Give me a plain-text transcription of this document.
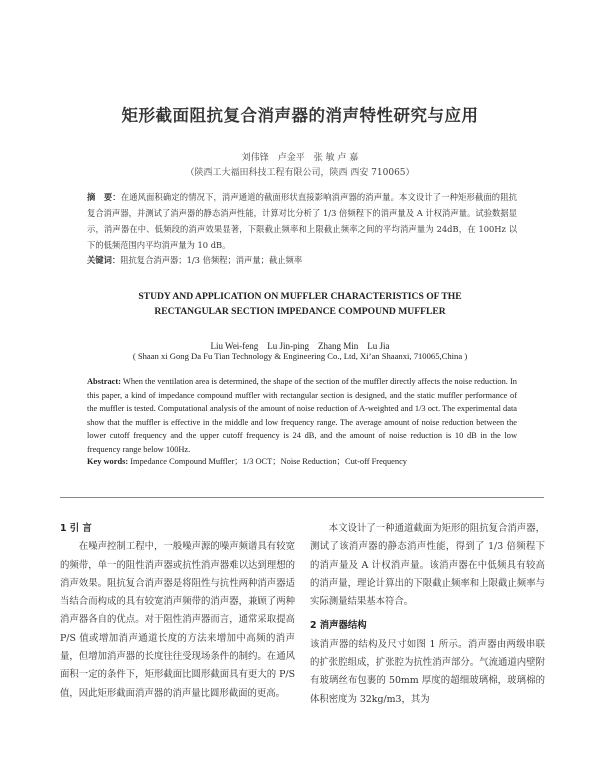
矩形截面阻抗复合消声器的消声特性研究与应用
刘伟锋　卢金平　张 敏 卢 嘉
（陕西工大福田科技工程有限公司，陕西 西安 710065）
摘　要：在通风面积确定的情况下，消声通道的截面形状直接影响消声器的消声量。本文设计了一种矩形截面的阻抗复合消声器，并测试了消声器的静态消声性能，计算对比分析了 1/3 倍频程下的消声量及 A 计权消声量。试验数据显示，消声器在中、低频段的消声效果显著，下限截止频率和上限截止频率之间的平均消声量为 24dB，在 100Hz 以下的低频范围内平均消声量为 10 dB。
关键词：阻抗复合消声器；1/3 倍频程；消声量；截止频率
STUDY AND APPLICATION ON MUFFLER CHARACTERISTICS OF THE
RECTANGULAR SECTION IMPEDANCE COMPOUND MUFFLER
Liu Wei-feng　Lu Jin-ping　Zhang Min　Lu Jia
( Shaan xi Gong Da Fu Tian Technology & Engineering Co., Ltd, Xi’an Shaanxi, 710065,China )
Abstract: When the ventilation area is determined, the shape of the section of the muffler directly affects the noise reduction. In this paper, a kind of impedance compound muffler with rectangular section is designed, and the static muffler performance of the muffler is tested. Computational analysis of the amount of noise reduction of A-weighted and 1/3 oct. The experimental data show that the muffler is effective in the middle and low frequency range. The average amount of noise reduction between the lower cutoff frequency and the upper cutoff frequency is 24 dB, and the amount of noise reduction is 10 dB in the low frequency range below 100Hz.
Key words: Impedance Compound Muffler；1/3 OCT；Noise Reduction；Cut-off Frequency
1 引 言
在噪声控制工程中，一般噪声源的噪声频谱具有较宽的频带，单一的阻性消声器或抗性消声器难以达到理想的消声效果。阻抗复合消声器是将阻性与抗性两种消声器适当结合而构成的具有较宽消声频带的消声器，兼顾了两种消声器各自的优点。对于阻性消声器而言，通常采取提高 P/S 值或增加消声通道长度的方法来增加中高频的消声量，但增加消声器的长度往往受现场条件的制约。在通风面积一定的条件下，矩形截面比圆形截面具有更大的 P/S 值，因此矩形截面消声器的消声量比圆形截面的更高。
本文设计了一种通道截面为矩形的阻抗复合消声器，测试了该消声器的静态消声性能，得到了 1/3 倍频程下的消声量及 A 计权消声量。该消声器在中低频具有较高的消声量，理论计算出的下限截止频率和上限截止频率与实际测量结果基本符合。
2 消声器结构
该消声器的结构及尺寸如图 1 所示。消声器由两级串联的扩张腔组成，扩张腔为抗性消声部分。气流通道内壁附有玻璃丝布包裹的 50mm 厚度的超细玻璃棉，玻璃棉的体积密度为 32kg/m3，其为
